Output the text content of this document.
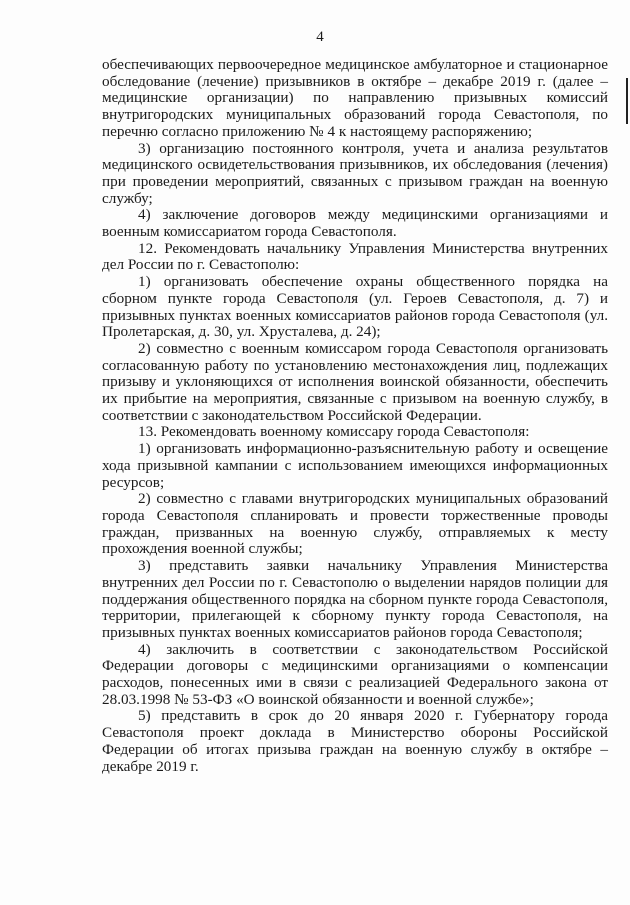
4

обеспечивающих первоочередное медицинское амбулаторное и стационарное обследование (лечение) призывников в октябре – декабре 2019 г. (далее – медицинские организации) по направлению призывных комиссий внутригородских муниципальных образований города Севастополя, по перечню согласно приложению № 4 к настоящему распоряжению;

3) организацию постоянного контроля, учета и анализа результатов медицинского освидетельствования призывников, их обследования (лечения) при проведении мероприятий, связанных с призывом граждан на военную службу;

4) заключение договоров между медицинскими организациями и военным комиссариатом города Севастополя.

12. Рекомендовать начальнику Управления Министерства внутренних дел России по г. Севастополю:

1) организовать обеспечение охраны общественного порядка на сборном пункте города Севастополя (ул. Героев Севастополя, д. 7) и призывных пунктах военных комиссариатов районов города Севастополя (ул. Пролетарская, д. 30, ул. Хрусталева, д. 24);

2) совместно с военным комиссаром города Севастополя организовать согласованную работу по установлению местонахождения лиц, подлежащих призыву и уклоняющихся от исполнения воинской обязанности, обеспечить их прибытие на мероприятия, связанные с призывом на военную службу, в соответствии с законодательством Российской Федерации.

13. Рекомендовать военному комиссару города Севастополя:

1) организовать информационно-разъяснительную работу и освещение хода призывной кампании с использованием имеющихся информационных ресурсов;

2) совместно с главами внутригородских муниципальных образований города Севастополя спланировать и провести торжественные проводы граждан, призванных на военную службу, отправляемых к месту прохождения военной службы;

3) представить заявки начальнику Управления Министерства внутренних дел России по г. Севастополю о выделении нарядов полиции для поддержания общественного порядка на сборном пункте города Севастополя, территории, прилегающей к сборному пункту города Севастополя, на призывных пунктах военных комиссариатов районов города Севастополя;

4) заключить в соответствии с законодательством Российской Федерации договоры с медицинскими организациями о компенсации расходов, понесенных ими в связи с реализацией Федерального закона от 28.03.1998 № 53-ФЗ «О воинской обязанности и военной службе»;

5) представить в срок до 20 января 2020 г. Губернатору города Севастополя проект доклада в Министерство обороны Российской Федерации об итогах призыва граждан на военную службу в октябре – декабре 2019 г.
